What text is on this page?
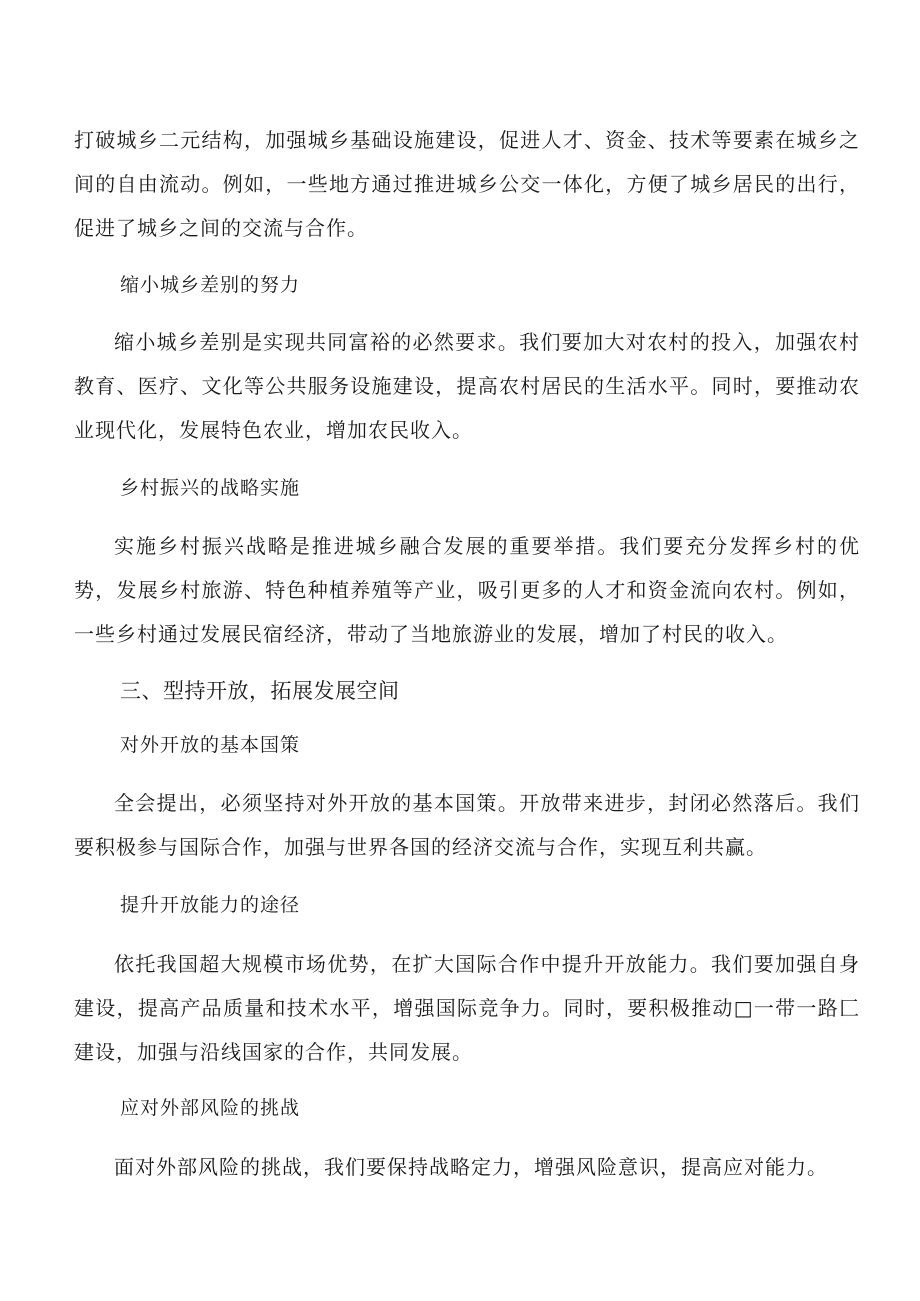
打破城乡二元结构，加强城乡基础设施建设，促进人才、资金、技术等要素在城乡之间的自由流动。例如，一些地方通过推进城乡公交一体化，方便了城乡居民的出行，促进了城乡之间的交流与合作。

缩小城乡差别的努力

缩小城乡差别是实现共同富裕的必然要求。我们要加大对农村的投入，加强农村教育、医疗、文化等公共服务设施建设，提高农村居民的生活水平。同时，要推动农业现代化，发展特色农业，增加农民收入。

乡村振兴的战略实施

实施乡村振兴战略是推进城乡融合发展的重要举措。我们要充分发挥乡村的优势，发展乡村旅游、特色种植养殖等产业，吸引更多的人才和资金流向农村。例如，一些乡村通过发展民宿经济，带动了当地旅游业的发展，增加了村民的收入。

三、型持开放，拓展发展空间

对外开放的基本国策

全会提出，必须坚持对外开放的基本国策。开放带来进步，封闭必然落后。我们要积极参与国际合作，加强与世界各国的经济交流与合作，实现互利共赢。

提升开放能力的途径

依托我国超大规模市场优势，在扩大国际合作中提升开放能力。我们要加强自身建设，提高产品质量和技术水平，增强国际竞争力。同时，要积极推动□一带一路匚建设，加强与沿线国家的合作，共同发展。

应对外部风险的挑战

面对外部风险的挑战，我们要保持战略定力，增强风险意识，提高应对能力。
